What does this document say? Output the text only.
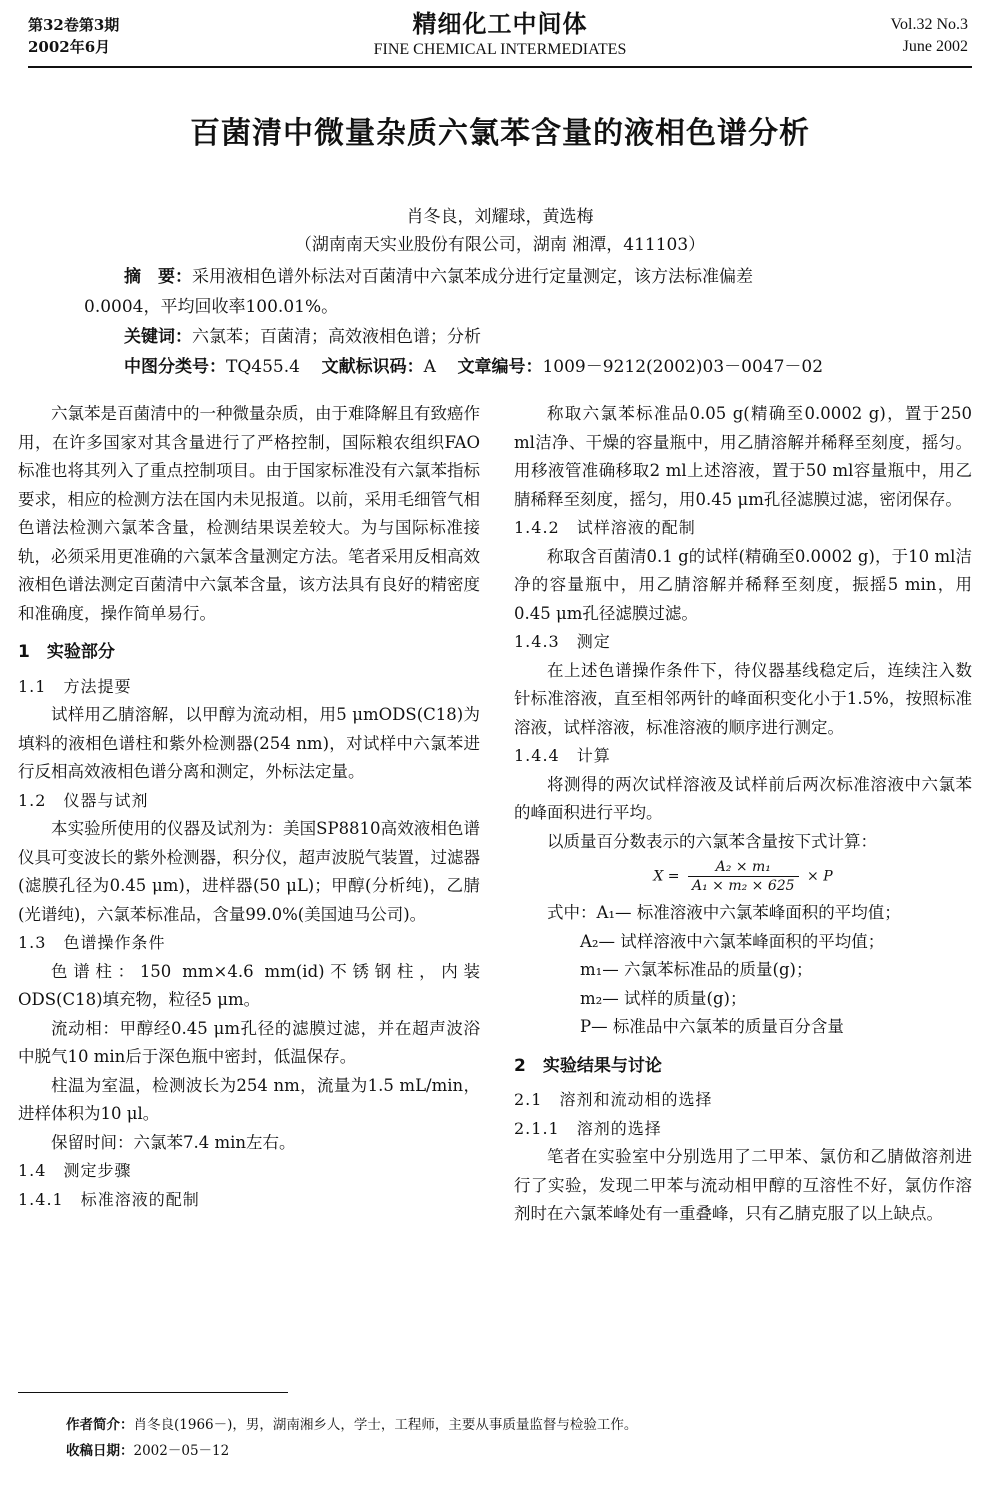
第32卷第3期
2002年6月
精细化工中间体
FINE CHEMICAL INTERMEDIATES
Vol.32 No.3
June 2002
百菌清中微量杂质六氯苯含量的液相色谱分析
肖冬良，刘耀球，黄选梅
（湖南南天实业股份有限公司，湖南 湘潭，411103）
摘　要：采用液相色谱外标法对百菌清中六氯苯成分进行定量测定，该方法标准偏差
0.0004，平均回收率100.01%。
关键词：六氯苯；百菌清；高效液相色谱；分析
中图分类号：TQ455.4 文献标识码：A 文章编号：1009－9212(2002)03－0047－02

六氯苯是百菌清中的一种微量杂质，由于难降解且有致癌作用，在许多国家对其含量进行了严格控制，国际粮农组织FAO标准也将其列入了重点控制项目。由于国家标准没有六氯苯指标要求，相应的检测方法在国内未见报道。以前，采用毛细管气相色谱法检测六氯苯含量，检测结果误差较大。为与国际标准接轨，必须采用更准确的六氯苯含量测定方法。笔者采用反相高效液相色谱法测定百菌清中六氯苯含量，该方法具有良好的精密度和准确度，操作简单易行。

1　实验部分
1.1　方法提要

试样用乙腈溶解，以甲醇为流动相，用5 μmODS(C18)为填料的液相色谱柱和紫外检测器(254 nm)，对试样中六氯苯进行反相高效液相色谱分离和测定，外标法定量。

1.2　仪器与试剂

本实验所使用的仪器及试剂为：美国SP8810高效液相色谱仪具可变波长的紫外检测器，积分仪，超声波脱气装置，过滤器(滤膜孔径为0.45 μm)，进样器(50 μL)；甲醇(分析纯)，乙腈(光谱纯)，六氯苯标准品，含量99.0%(美国迪马公司)。

1.3　色谱操作条件

色谱柱：150 mm×4.6 mm(id)不锈钢柱，内装ODS(C18)填充物，粒径5 μm。

流动相：甲醇经0.45 μm孔径的滤膜过滤，并在超声波浴中脱气10 min后于深色瓶中密封，低温保存。

柱温为室温，检测波长为254 nm，流量为1.5 mL/min，进样体积为10 μl。

保留时间：六氯苯7.4 min左右。

1.4　测定步骤
1.4.1　标准溶液的配制

称取六氯苯标准品0.05 g(精确至0.0002 g)，置于250 ml洁净、干燥的容量瓶中，用乙腈溶解并稀释至刻度，摇匀。用移液管准确移取2 ml上述溶液，置于50 ml容量瓶中，用乙腈稀释至刻度，摇匀，用0.45 μm孔径滤膜过滤，密闭保存。

1.4.2　试样溶液的配制

称取含百菌清0.1 g的试样(精确至0.0002 g)，于10 ml洁净的容量瓶中，用乙腈溶解并稀释至刻度，振摇5 min，用0.45 μm孔径滤膜过滤。

1.4.3　测定

在上述色谱操作条件下，待仪器基线稳定后，连续注入数针标准溶液，直至相邻两针的峰面积变化小于1.5%，按照标准溶液，试样溶液，标准溶液的顺序进行测定。

1.4.4　计算

将测得的两次试样溶液及试样前后两次标准溶液中六氯苯的峰面积进行平均。

以质量百分数表示的六氯苯含量按下式计算：

$X = \frac{\text{A₂ × m₁}}{\text{A₁ × m₂ × 625}} \times P$

式中：A₁— 标准溶液中六氯苯峰面积的平均值；

A₂— 试样溶液中六氯苯峰面积的平均值；

m₁— 六氯苯标准品的质量(g)；

m₂— 试样的质量(g)；

P— 标准品中六氯苯的质量百分含量

2　实验结果与讨论
2.1　溶剂和流动相的选择
2.1.1　溶剂的选择

笔者在实验室中分别选用了二甲苯、氯仿和乙腈做溶剂进行了实验，发现二甲苯与流动相甲醇的互溶性不好，氯仿作溶剂时在六氯苯峰处有一重叠峰，只有乙腈克服了以上缺点。

作者简介：肖冬良(1966－)，男，湖南湘乡人，学士，工程师，主要从事质量监督与检验工作。
收稿日期：2002－05－12
